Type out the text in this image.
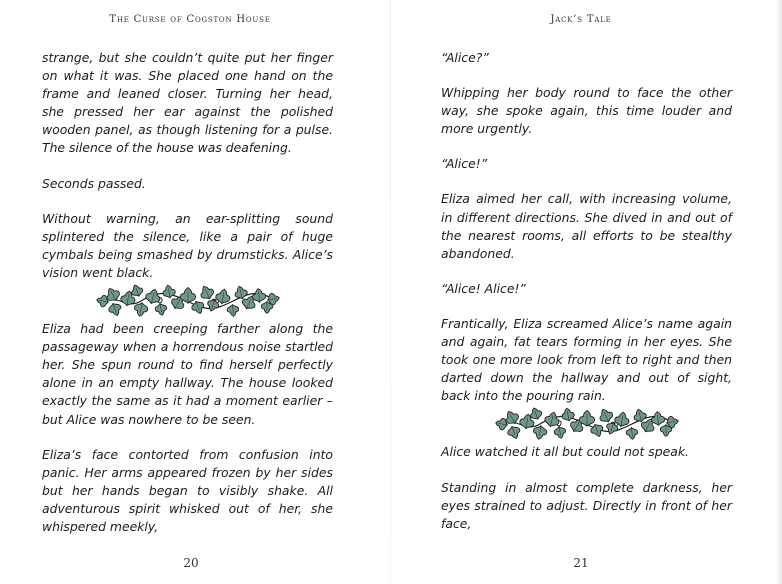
The Curse of Cogston House

strange, but she couldn’t quite put her finger on what it was. She placed one hand on the frame and leaned closer. Turning her head, she pressed her ear against the polished wooden panel, as though listening for a pulse. The silence of the house was deafening.

Seconds passed.

Without warning, an ear-splitting sound splintered the silence, like a pair of huge cymbals being smashed by drumsticks. Alice’s vision went black.

Eliza had been creeping farther along the passageway when a horrendous noise startled her. She spun round to find herself perfectly alone in an empty hallway. The house looked exactly the same as it had a moment earlier – but Alice was nowhere to be seen.

Eliza’s face contorted from confusion into panic. Her arms appeared frozen by her sides but her hands began to visibly shake. All adventurous spirit whisked out of her, she whispered meekly,

20
Jack’s Tale

“Alice?”

Whipping her body round to face the other way, she spoke again, this time louder and more urgently.

“Alice!”

Eliza aimed her call, with increasing volume, in different directions. She dived in and out of the nearest rooms, all efforts to be stealthy abandoned.

“Alice! Alice!”

Frantically, Eliza screamed Alice’s name again and again, fat tears forming in her eyes. She took one more look from left to right and then darted down the hallway and out of sight, back into the pouring rain.

Alice watched it all but could not speak.

Standing in almost complete darkness, her eyes strained to adjust. Directly in front of her face,

21
